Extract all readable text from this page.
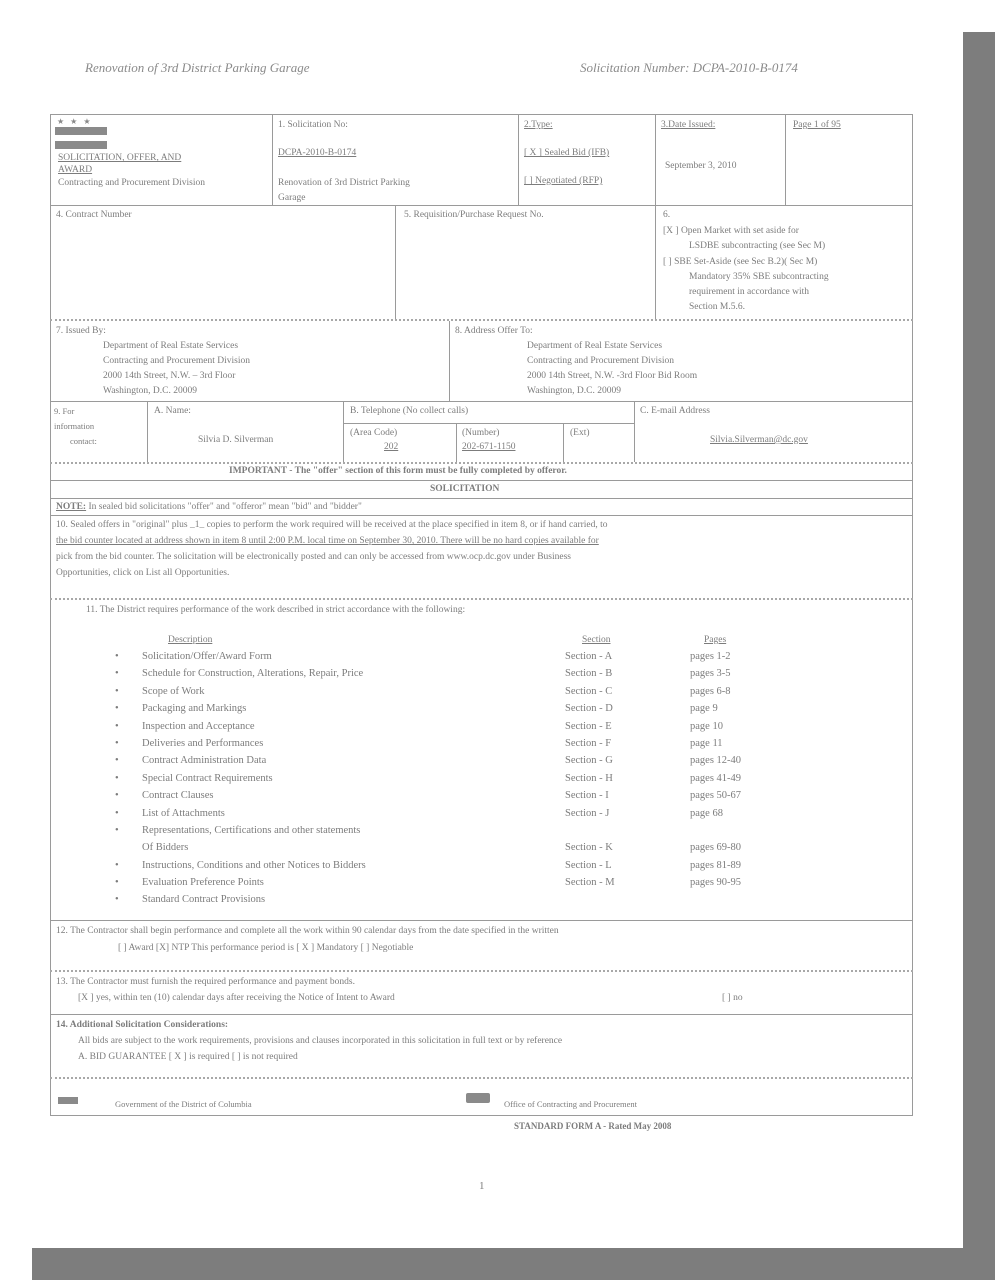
Renovation of 3rd District Parking Garage	Solicitation Number: DCPA-2010-B-0174
★★★
SOLICITATION, OFFER, AND
AWARD
Contracting and Procurement Division
1. Solicitation No:
DCPA-2010-B-0174
Renovation of 3rd District Parking
Garage
2.Type:
[ X ] Sealed Bid (IFB)
[ ] Negotiated (RFP)
3.Date Issued:
September 3, 2010
Page 1 of 95
4. Contract Number	5. Requisition/Purchase Request No.	6.
[X ] Open Market with set aside for
LSDBE subcontracting (see Sec M)
[ ] SBE Set-Aside (see Sec B.2)( Sec M)
Mandatory 35% SBE subcontracting
requirement in accordance with
Section M.5.6.
7. Issued By:
Department of Real Estate Services
Contracting and Procurement Division
2000 14th Street, N.W. – 3rd Floor
Washington, D.C. 20009
8. Address Offer To:
Department of Real Estate Services
Contracting and Procurement Division
2000 14th Street, N.W. -3rd Floor Bid Room
Washington, D.C. 20009
9. For
information
contact:
A. Name:
Silvia D. Silverman
B. Telephone (No collect calls)
(Area Code)
202
(Number)
202-671-1150
(Ext)
C. E-mail Address
Silvia.Silverman@dc.gov
IMPORTANT - The "offer" section of this form must be fully completed by offeror.
SOLICITATION
NOTE: In sealed bid solicitations "offer" and "offeror" mean "bid" and "bidder"
10. Sealed offers in "original" plus _1_ copies to perform the work required will be received at the place specified in item 8, or if hand carried, to
the bid counter located at address shown in item 8 until 2:00 P.M. local time on September 30, 2010. There will be no hard copies available for
pick from the bid counter. The solicitation will be electronically posted and can only be accessed from www.ocp.dc.gov under Business
Opportunities, click on List all Opportunities.
11. The District requires performance of the work described in strict accordance with the following:
Description	Section	Pages
• Solicitation/Offer/Award Form	Section - A	pages 1-2
• Schedule for Construction, Alterations, Repair, Price	Section - B	pages 3-5
• Scope of Work	Section - C	pages 6-8
• Packaging and Markings	Section - D	page 9
• Inspection and Acceptance	Section - E	page 10
• Deliveries and Performances	Section - F	page 11
• Contract Administration Data	Section - G	pages 12-40
• Special Contract Requirements	Section - H	pages 41-49
• Contract Clauses	Section - I	pages 50-67
• List of Attachments	Section - J	page 68
• Representations, Certifications and other statements
Of Bidders	Section - K	pages 69-80
• Instructions, Conditions and other Notices to Bidders	Section - L	pages 81-89
• Evaluation Preference Points	Section - M	pages 90-95
• Standard Contract Provisions
12. The Contractor shall begin performance and complete all the work within 90 calendar days from the date specified in the written
[ ] Award [X] NTP This performance period is [ X ] Mandatory [ ] Negotiable
13. The Contractor must furnish the required performance and payment bonds.
[X ] yes, within ten (10) calendar days after receiving the Notice of Intent to Award	[ ] no
14. Additional Solicitation Considerations:
All bids are subject to the work requirements, provisions and clauses incorporated in this solicitation in full text or by reference
A. BID GUARANTEE [ X ] is required [ ] is not required
Government of the District of Columbia	Office of Contracting and Procurement
STANDARD FORM A - Rated May 2008
1
